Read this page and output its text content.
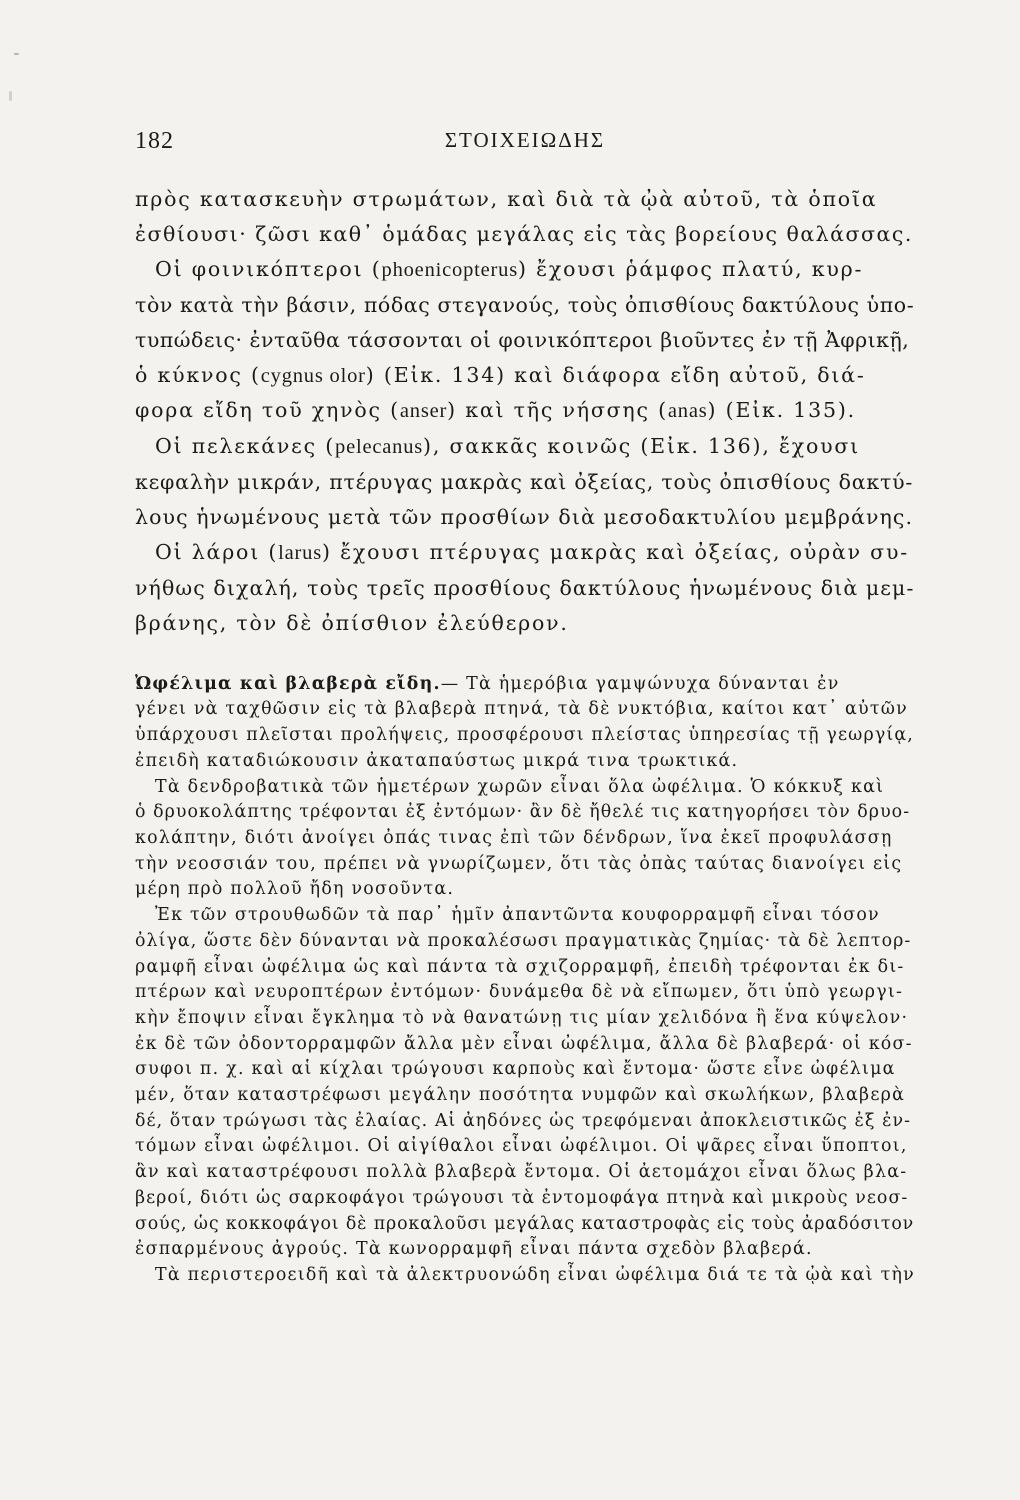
182	ΣΤΟΙΧΕΙΩΔΗΣ
πρὸς κατασκευὴν στρωμάτων, καὶ διὰ τὰ ᾠὰ αὐτοῦ, τὰ ὁποῖα
ἐσθίουσι· ζῶσι καθ᾿ ὁμάδας μεγάλας εἰς τὰς βορείους θαλάσσας.
Οἱ φοινικόπτεροι (phoenicopterus) ἔχουσι ῥάμφος πλατύ, κυρ-
τὸν κατὰ τὴν βάσιν, πόδας στεγανούς, τοὺς ὀπισθίους δακτύλους ὑπο-
τυπώδεις· ἐνταῦθα τάσσονται οἱ φοινικόπτεροι βιοῦντες ἐν τῇ Ἀφρικῇ,
ὁ κύκνος (cygnus olor) (Εἰκ. 134) καὶ διάφορα εἴδη αὐτοῦ, διά-
φορα εἴδη τοῦ χηνὸς (anser) καὶ τῆς νήσσης (anas) (Εἰκ. 135).
Οἱ πελεκάνες (pelecanus), σακκᾶς κοινῶς (Εἰκ. 136), ἔχουσι
κεφαλὴν μικράν, πτέρυγας μακρὰς καὶ ὀξείας, τοὺς ὀπισθίους δακτύ-
λους ἡνωμένους μετὰ τῶν προσθίων διὰ μεσοδακτυλίου μεμβράνης.
Οἱ λάροι (larus) ἔχουσι πτέρυγας μακρὰς καὶ ὀξείας, οὐρὰν συ-
νήθως διχαλή, τοὺς τρεῖς προσθίους δακτύλους ἡνωμένους διὰ μεμ-
βράνης, τὸν δὲ ὀπίσθιον ἐλεύθερον.
Ὠφέλιμα καὶ βλαβερὰ εἴδη.— Τὰ ἡμερόβια γαμψώνυχα δύνανται ἐν
γένει νὰ ταχθῶσιν εἰς τὰ βλαβερὰ πτηνά, τὰ δὲ νυκτόβια, καίτοι κατ᾿ αὐτῶν
ὑπάρχουσι πλεῖσται προλήψεις, προσφέρουσι πλείστας ὑπηρεσίας τῇ γεωργίᾳ,
ἐπειδὴ καταδιώκουσιν ἀκαταπαύστως μικρά τινα τρωκτικά.
Τὰ δενδροβατικὰ τῶν ἡμετέρων χωρῶν εἶναι ὅλα ὠφέλιμα. Ὁ κόκκυξ καὶ
ὁ δρυοκολάπτης τρέφονται ἐξ ἐντόμων· ἂν δὲ ἤθελέ τις κατηγορήσει τὸν δρυο-
κολάπτην, διότι ἀνοίγει ὀπάς τινας ἐπὶ τῶν δένδρων, ἵνα ἐκεῖ προφυλάσσῃ
τὴν νεοσσιάν του, πρέπει νὰ γνωρίζωμεν, ὅτι τὰς ὀπὰς ταύτας διανοίγει εἰς
μέρη πρὸ πολλοῦ ἤδη νοσοῦντα.
Ἐκ τῶν στρουθωδῶν τὰ παρ᾿ ἡμῖν ἀπαντῶντα κουφορραμφῆ εἶναι τόσον
ὀλίγα, ὥστε δὲν δύνανται νὰ προκαλέσωσι πραγματικὰς ζημίας· τὰ δὲ λεπτορ-
ραμφῆ εἶναι ὠφέλιμα ὡς καὶ πάντα τὰ σχιζορραμφῆ, ἐπειδὴ τρέφονται ἐκ δι-
πτέρων καὶ νευροπτέρων ἐντόμων· δυνάμεθα δὲ νὰ εἴπωμεν, ὅτι ὑπὸ γεωργι-
κὴν ἔποψιν εἶναι ἔγκλημα τὸ νὰ θανατώνῃ τις μίαν χελιδόνα ἢ ἕνα κύψελον·
ἐκ δὲ τῶν ὀδοντορραμφῶν ἄλλα μὲν εἶναι ὠφέλιμα, ἄλλα δὲ βλαβερά· οἱ κόσ-
συφοι π. χ. καὶ αἱ κίχλαι τρώγουσι καρποὺς καὶ ἔντομα· ὥστε εἶνε ὠφέλιμα
μέν, ὅταν καταστρέφωσι μεγάλην ποσότητα νυμφῶν καὶ σκωλήκων, βλαβερὰ
δέ, ὅταν τρώγωσι τὰς ἐλαίας. Αἱ ἀηδόνες ὡς τρεφόμεναι ἀποκλειστικῶς ἐξ ἐν-
τόμων εἶναι ὠφέλιμοι. Οἱ αἰγίθαλοι εἶναι ὠφέλιμοι. Οἱ ψᾶρες εἶναι ὕποπτοι,
ἂν καὶ καταστρέφουσι πολλὰ βλαβερὰ ἔντομα. Οἱ ἀετομάχοι εἶναι ὅλως βλα-
βεροί, διότι ὡς σαρκοφάγοι τρώγουσι τὰ ἐντομοφάγα πτηνὰ καὶ μικροὺς νεοσ-
σούς, ὡς κοκκοφάγοι δὲ προκαλοῦσι μεγάλας καταστροφὰς εἰς τοὺς ἀραδόσιτον
ἐσπαρμένους ἀγρούς. Τὰ κωνορραμφῆ εἶναι πάντα σχεδὸν βλαβερά.
Τὰ περιστεροειδῆ καὶ τὰ ἀλεκτρυονώδη εἶναι ὠφέλιμα διά τε τὰ ᾠὰ καὶ τὴν
